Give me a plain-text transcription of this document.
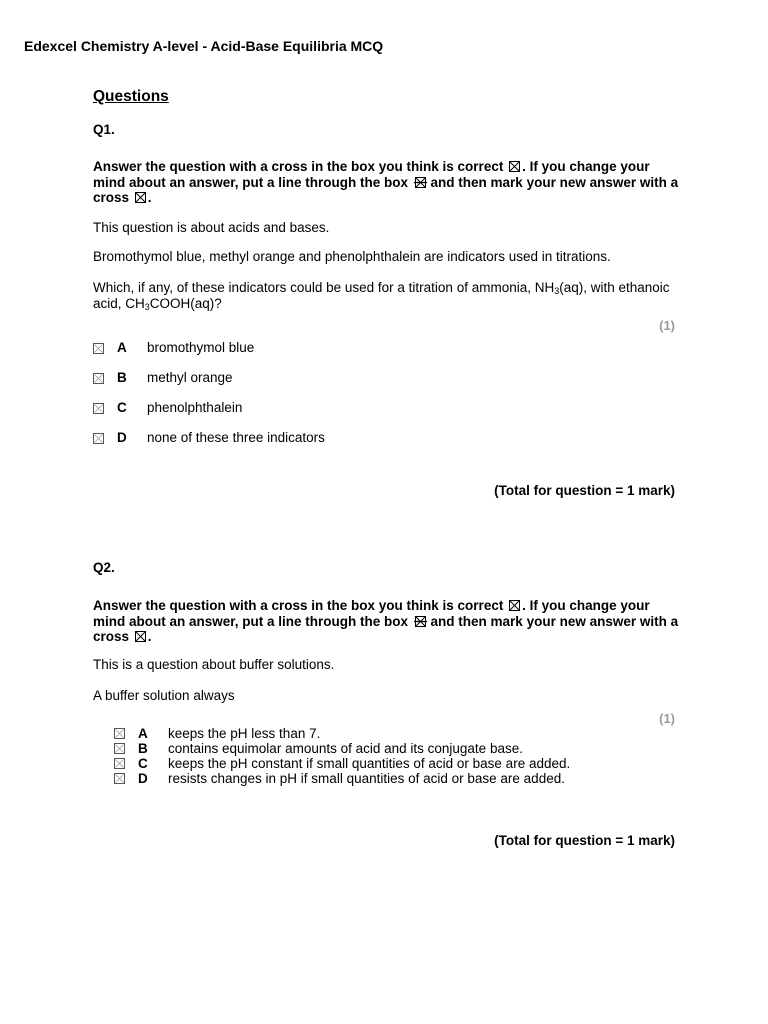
Edexcel Chemistry A-level - Acid-Base Equilibria MCQ
Questions
Q1.
Answer the question with a cross in the box you think is correct ☒ . If you change your mind about an answer, put a line through the box and then mark your new answer with a cross ☒ .
This question is about acids and bases.
Bromothymol blue, methyl orange and phenolphthalein are indicators used in titrations.
Which, if any, of these indicators could be used for a titration of ammonia, $NH_3(aq)$, with ethanoic acid, $CH_3COOH(aq)$?
(1)
A bromothymol blue
B methyl orange
C phenolphthalein
D none of these three indicators
(Total for question = 1 mark)
Q2.
Answer the question with a cross in the box you think is correct ☒ . If you change your mind about an answer, put a line through the box and then mark your new answer with a cross ☒ .
This is a question about buffer solutions.
A buffer solution always
(1)
A keeps the pH less than 7.
B contains equimolar amounts of acid and its conjugate base.
C keeps the pH constant if small quantities of acid or base are added.
D resists changes in pH if small quantities of acid or base are added.
(Total for question = 1 mark)
